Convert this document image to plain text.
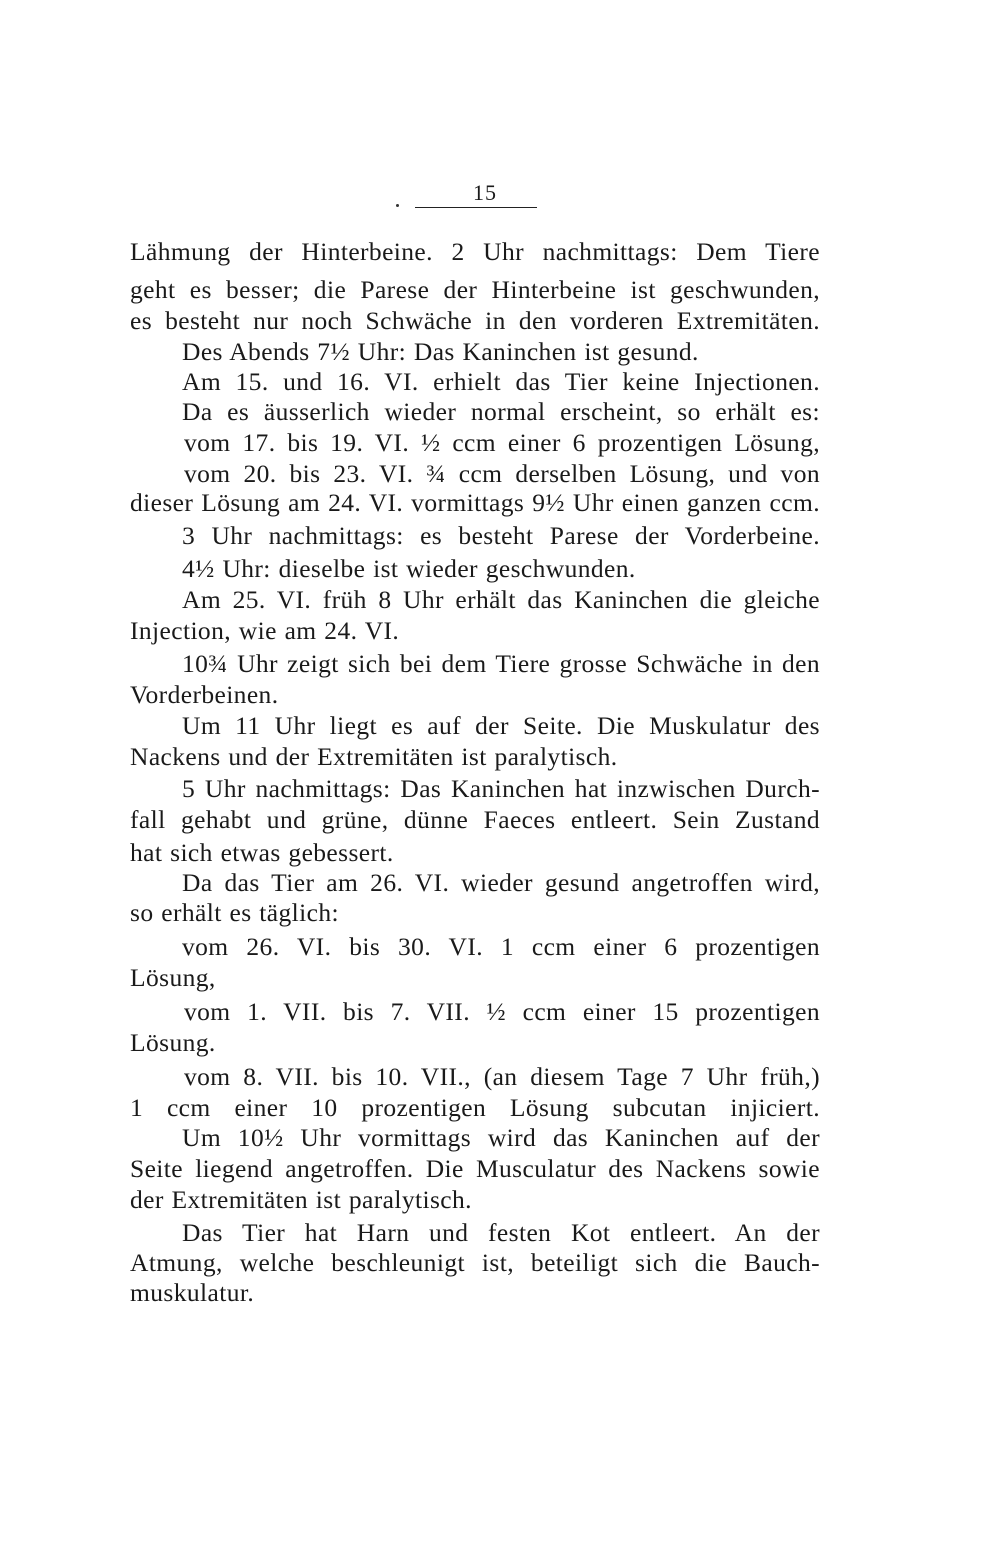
15
Lähmung der Hinterbeine. 2 Uhr nachmittags: Dem Tiere
geht es besser; die Parese der Hinterbeine ist geschwunden,
es besteht nur noch Schwäche in den vorderen Extremitäten.
Des Abends 7½ Uhr: Das Kaninchen ist gesund.
Am 15. und 16. VI. erhielt das Tier keine Injectionen.
Da es äusserlich wieder normal erscheint, so erhält es:
vom 17. bis 19. VI. ½ ccm einer 6 prozentigen Lösung,
vom 20. bis 23. VI. ¾ ccm derselben Lösung, und von
dieser Lösung am 24. VI. vormittags 9½ Uhr einen ganzen ccm.
3 Uhr nachmittags: es besteht Parese der Vorderbeine.
4½ Uhr: dieselbe ist wieder geschwunden.
Am 25. VI. früh 8 Uhr erhält das Kaninchen die gleiche
Injection, wie am 24. VI.
10¾ Uhr zeigt sich bei dem Tiere grosse Schwäche in den
Vorderbeinen.
Um 11 Uhr liegt es auf der Seite. Die Muskulatur des
Nackens und der Extremitäten ist paralytisch.
5 Uhr nachmittags: Das Kaninchen hat inzwischen Durch-
fall gehabt und grüne, dünne Faeces entleert. Sein Zustand
hat sich etwas gebessert.
Da das Tier am 26. VI. wieder gesund angetroffen wird,
so erhält es täglich:
vom 26. VI. bis 30. VI. 1 ccm einer 6 prozentigen
Lösung,
vom 1. VII. bis 7. VII. ½ ccm einer 15 prozentigen
Lösung.
vom 8. VII. bis 10. VII., (an diesem Tage 7 Uhr früh,)
1 ccm einer 10 prozentigen Lösung subcutan injiciert.
Um 10½ Uhr vormittags wird das Kaninchen auf der
Seite liegend angetroffen. Die Musculatur des Nackens sowie
der Extremitäten ist paralytisch.
Das Tier hat Harn und festen Kot entleert. An der
Atmung, welche beschleunigt ist, beteiligt sich die Bauch-
muskulatur.
